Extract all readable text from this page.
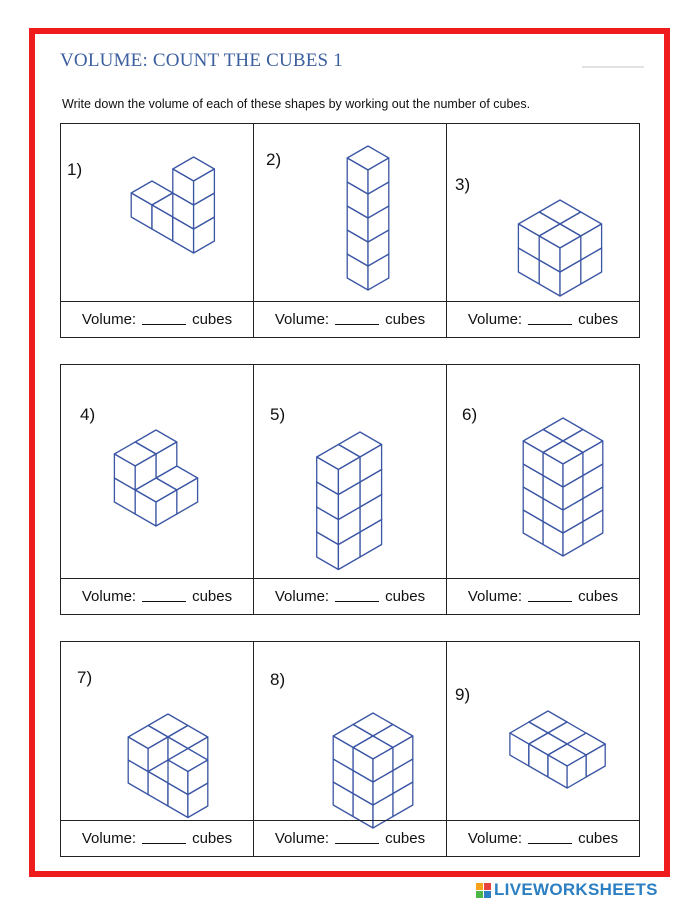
VOLUME: COUNT THE CUBES 1
Write down the volume of each of these shapes by working out the number of cubes.
1)
Volume:	cubes
2)
Volume:	cubes
3)
Volume:	cubes
4)
Volume:	cubes
5)
Volume:	cubes
6)
Volume:	cubes
7)
Volume:	cubes
8)
Volume:	cubes
9)
Volume:	cubes
LIVEWORKSHEETS
